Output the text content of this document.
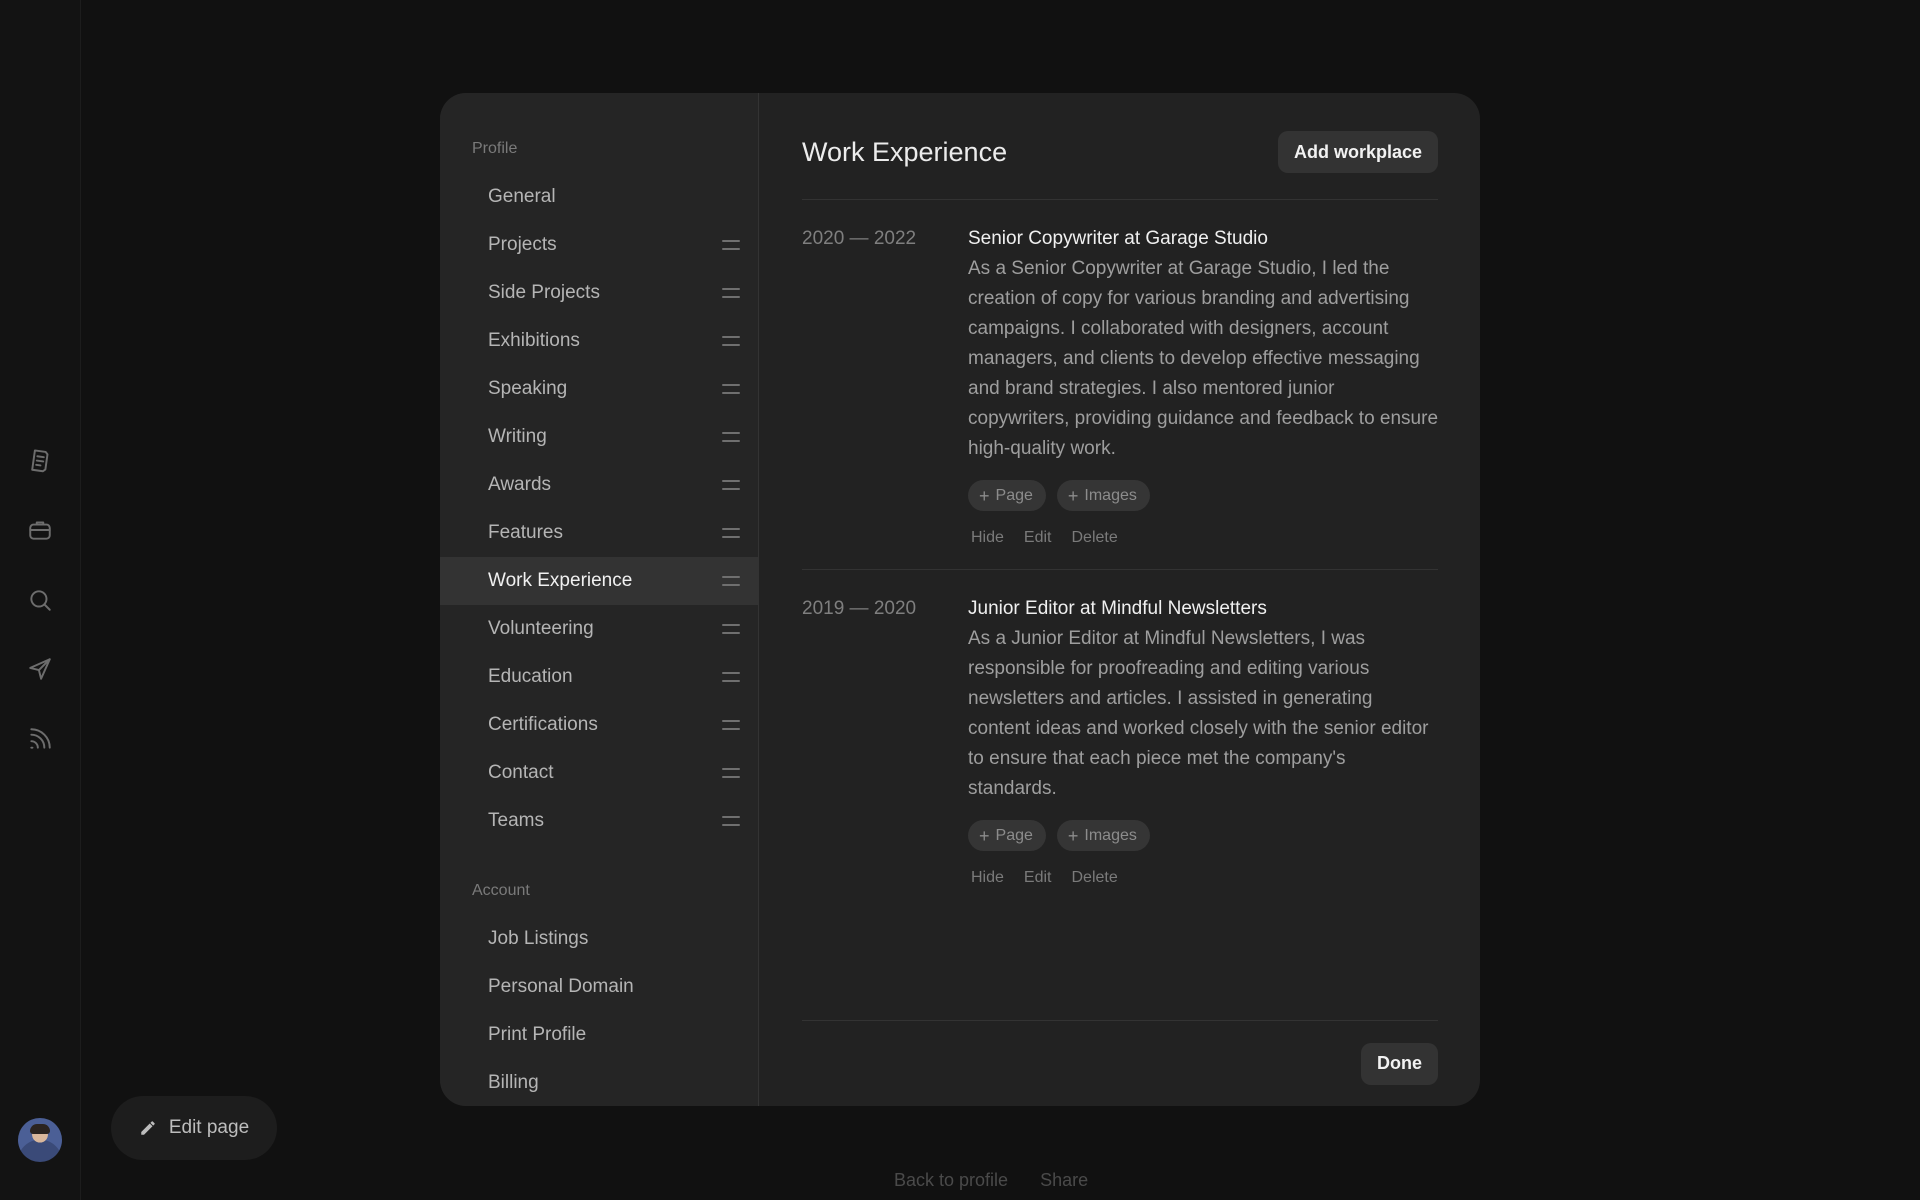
Edit page
Back to profile Share
Profile
General
Projects
Side Projects
Exhibitions
Speaking
Writing
Awards
Features
Work Experience
Volunteering
Education
Certifications
Contact
Teams
Account
Job Listings
Personal Domain
Print Profile
Billing
Work Experience	Add workplace
2020 — 2022	Senior Copywriter at Garage Studio
As a Senior Copywriter at Garage Studio, I led the creation of copy for various branding and advertising campaigns. I collaborated with designers, account managers, and clients to develop effective messaging and brand strategies. I also mentored junior copywriters, providing guidance and feedback to ensure high-quality work.
+ Page + Images
Hide Edit Delete
2019 — 2020	Junior Editor at Mindful Newsletters
As a Junior Editor at Mindful Newsletters, I was responsible for proofreading and editing various newsletters and articles. I assisted in generating content ideas and worked closely with the senior editor to ensure that each piece met the company's standards.
+ Page + Images
Hide Edit Delete
Done
